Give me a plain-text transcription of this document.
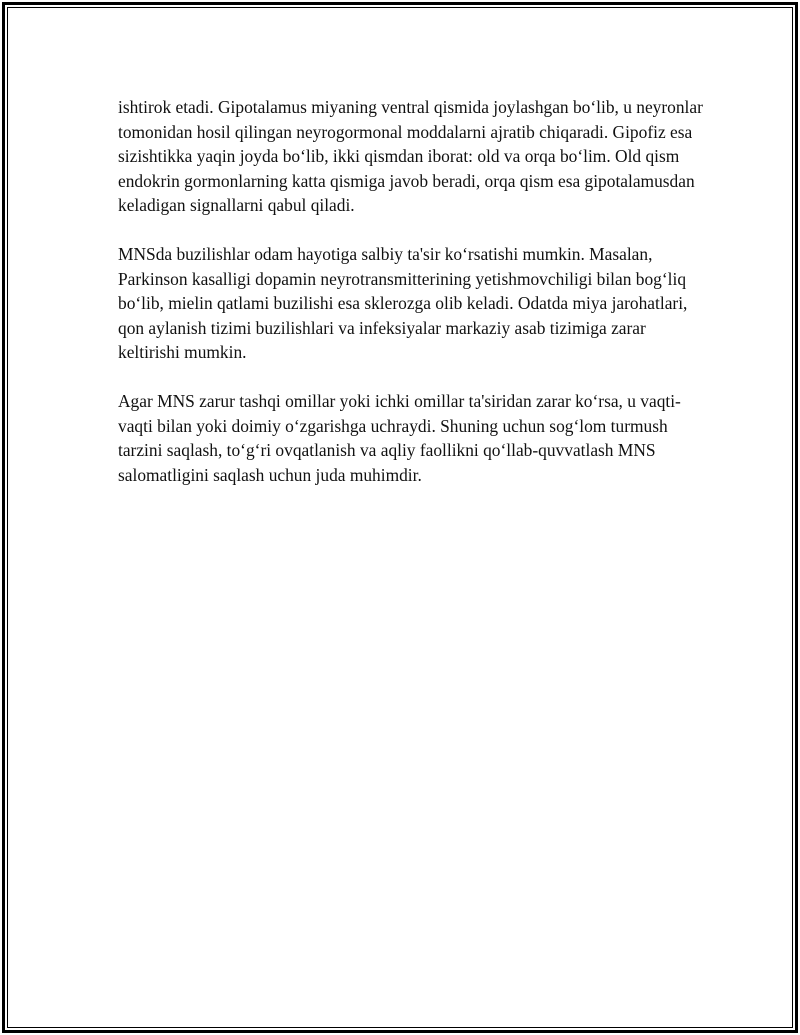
ishtirok etadi. Gipotalamus miyaning ventral qismida joylashgan bo‘lib, u neyronlar tomonidan hosil qilingan neyrogormonal moddalarni ajratib chiqaradi. Gipofiz esa sizishtikka yaqin joyda bo‘lib, ikki qismdan iborat: old va orqa bo‘lim. Old qism endokrin gormonlarning katta qismiga javob beradi, orqa qism esa gipotalamusdan keladigan signallarni qabul qiladi.

MNSda buzilishlar odam hayotiga salbiy ta'sir ko‘rsatishi mumkin. Masalan, Parkinson kasalligi dopamin neyrotransmitterining yetishmovchiligi bilan bog‘liq bo‘lib, mielin qatlami buzilishi esa sklerozga olib keladi. Odatda miya jarohatlari, qon aylanish tizimi buzilishlari va infeksiyalar markaziy asab tizimiga zarar keltirishi mumkin.

Agar MNS zarur tashqi omillar yoki ichki omillar ta'siridan zarar ko‘rsa, u vaqti-vaqti bilan yoki doimiy o‘zgarishga uchraydi. Shuning uchun sog‘lom turmush tarzini saqlash, to‘g‘ri ovqatlanish va aqliy faollikni qo‘llab-quvvatlash MNS salomatligini saqlash uchun juda muhimdir.
